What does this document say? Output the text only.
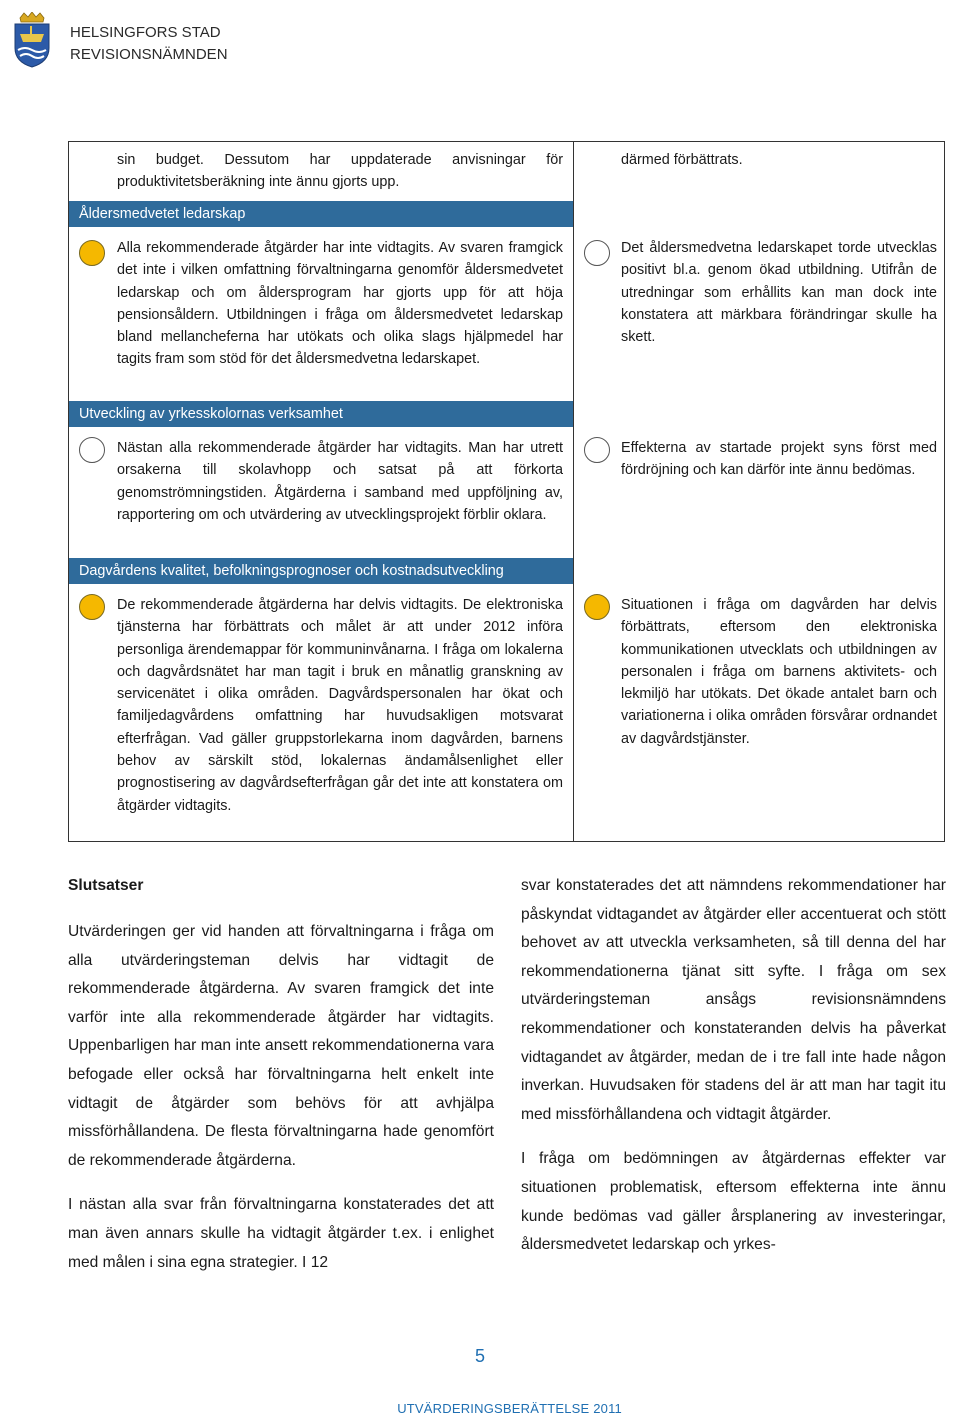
HELSINGFORS STAD
REVISIONSNÄMNDEN
sin budget. Dessutom har uppdaterade anvisningar för produktivitetsberäkning inte ännu gjorts upp.
därmed förbättrats.
Åldersmedvetet ledarskap
Alla rekommenderade åtgärder har inte vidtagits. Av svaren framgick det inte i vilken omfattning förvaltningarna genomför åldersmedvetet ledarskap och om åldersprogram har gjorts upp för att höja pensionsåldern. Utbildningen i fråga om åldersmedvetet ledarskap bland mellancheferna har utökats och olika slags hjälpmedel har tagits fram som stöd för det åldersmedvetna ledarskapet.
Det åldersmedvetna ledarskapet torde utvecklas positivt bl.a. genom ökad utbildning. Utifrån de utredningar som erhållits kan man dock inte konstatera att märkbara förändringar skulle ha skett.
Utveckling av yrkesskolornas verksamhet
Nästan alla rekommenderade åtgärder har vidtagits. Man har utrett orsakerna till skolavhopp och satsat på att förkorta genomströmningstiden. Åtgärderna i samband med uppföljning av, rapportering om och utvärdering av utvecklingsprojekt förblir oklara.
Effekterna av startade projekt syns först med fördröjning och kan därför inte ännu bedömas.
Dagvårdens kvalitet, befolkningsprognoser och kostnadsutveckling
De rekommenderade åtgärderna har delvis vidtagits. De elektroniska tjänsterna har förbättrats och målet är att under 2012 införa personliga ärendemappar för kommuninvånarna. I fråga om lokalerna och dagvårdsnätet har man tagit i bruk en månatlig granskning av servicenätet i olika områden. Dagvårdspersonalen har ökat och familjedagvårdens omfattning har huvudsakligen motsvarat efterfrågan. Vad gäller gruppstorlekarna inom dagvården, barnens behov av särskilt stöd, lokalernas ändamålsenlighet eller prognostisering av dagvårdsefterfrågan går det inte att konstatera om åtgärder vidtagits.
Situationen i fråga om dagvården har delvis förbättrats, eftersom den elektroniska kommunikationen utvecklats och utbildningen av personalen i fråga om barnens aktivitets- och lekmiljö har utökats. Det ökade antalet barn och variationerna i olika områden försvårar ordnandet av dagvårdstjänster.
Slutsatser

Utvärderingen ger vid handen att förvaltningarna i fråga om alla utvärderingsteman delvis har vidtagit de rekommenderade åtgärderna. Av svaren framgick det inte varför inte alla rekommenderade åtgärder har vidtagits. Uppenbarligen har man inte ansett rekommendationerna vara befogade eller också har förvaltningarna helt enkelt inte vidtagit de åtgärder som behövs för att avhjälpa missförhållandena. De flesta förvaltningarna hade genomfört de rekommenderade åtgärderna.

I nästan alla svar från förvaltningarna konstaterades det att man även annars skulle ha vidtagit åtgärder t.ex. i enlighet med målen i sina egna strategier. I 12

svar konstaterades det att nämndens rekommendationer har påskyndat vidtagandet av åtgärder eller accentuerat och stött behovet av att utveckla verksamheten, så till denna del har rekommendationerna tjänat sitt syfte. I fråga om sex utvärderingsteman ansågs revisionsnämndens rekommendationer och konstateranden delvis ha påverkat vidtagandet av åtgärder, medan de i tre fall inte hade någon inverkan. Huvudsaken för stadens del är att man har tagit itu med missförhållandena och vidtagit åtgärder.

I fråga om bedömningen av åtgärdernas effekter var situationen problematisk, eftersom effekterna inte ännu kunde bedömas vad gäller årsplanering av investeringar, åldersmedvetet ledarskap och yrkes-

5
UTVÄRDERINGSBERÄTTELSE 2011
